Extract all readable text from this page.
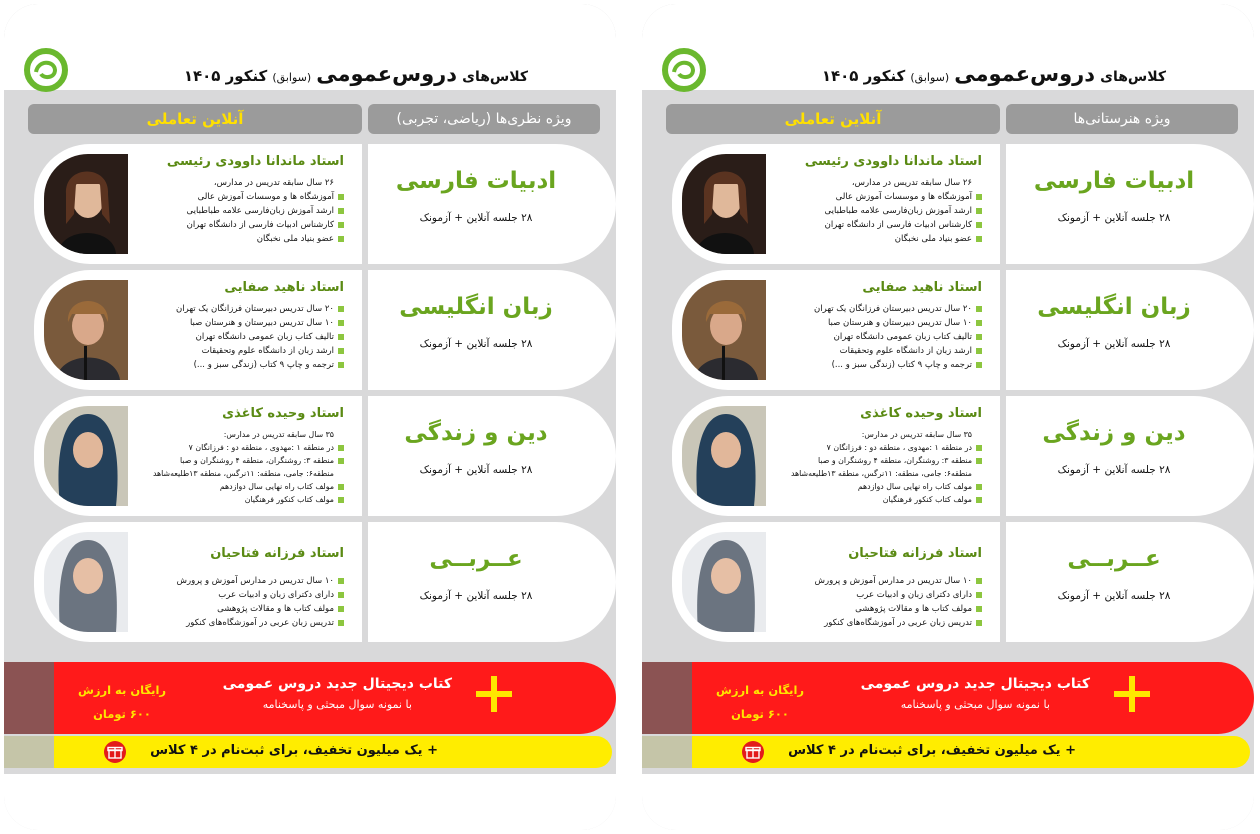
کلاس‌های دروس‌عمومی (سوابق) کنکور ۱۴۰۵
آنلاین تعاملی	ویژه نظری‌ها (ریاضی، تجربی)
استاد ماندانا داوودی رئیسی
۲۶ سال سابقه تدریس در مدارس،
آموزشگاه ها و موسسات آموزش عالی
ارشد آموزش زبان‌فارسی علامه طباطبایی
کارشناس ادبیات فارسی از دانشگاه تهران
عضو بنیاد ملی نخبگان
ادبیات فارسی
۲۸ جلسه آنلاین + آزمونک
استاد ناهید صفایی
۲۰ سال تدریس دبیرستان فرزانگان یک تهران
۱۰ سال تدریس دبیرستان و هنرستان صبا
تالیف کتاب زبان عمومی دانشگاه تهران
ارشد زبان از دانشگاه علوم وتحقیقات
ترجمه و چاپ ۹ کتاب (زندگی سبز و ...)
زبان انگلیسی
۲۸ جلسه آنلاین + آزمونک
استاد وحیده کاغذی
۳۵ سال سابقه تدریس در مدارس:
در منطقه ۱ :مهدوی ، منطقه دو : فرزانگان ۷
منطقه ۳: روشنگران، منطقه ۴ روشنگران و صبا
منطقه۶: جامی، منطقه: ۱۱نرگس، منطقه ۱۳طلیعه‌شاهد
مولف کتاب راه نهایی سال دوازدهم
مولف کتاب کنکور فرهنگیان
دین و زندگی
۲۸ جلسه آنلاین + آزمونک
استاد فرزانه فتاحیان
۱۰ سال تدریس در مدارس آموزش و پرورش
دارای دکترای زبان و ادبیات عرب
مولف کتاب ها و مقالات پژوهشی
تدریس زبان عربی در آموزشگاه‌های کنکور
عــربــی
۲۸ جلسه آنلاین + آزمونک
رایگان به ارزش
۶۰۰ تومان
کتاب دیجیتال جدید دروس عمومی
با نمونه سوال مبحثی و پاسخنامه
+ یک میلیون تخفیف، برای ثبت‌نام در ۴ کلاس
کلاس‌های دروس‌عمومی (سوابق) کنکور ۱۴۰۵
آنلاین تعاملی	ویژه هنرستانی‌ها
استاد ماندانا داوودی رئیسی
۲۶ سال سابقه تدریس در مدارس،
آموزشگاه ها و موسسات آموزش عالی
ارشد آموزش زبان‌فارسی علامه طباطبایی
کارشناس ادبیات فارسی از دانشگاه تهران
عضو بنیاد ملی نخبگان
ادبیات فارسی
۲۸ جلسه آنلاین + آزمونک
استاد ناهید صفایی
۲۰ سال تدریس دبیرستان فرزانگان یک تهران
۱۰ سال تدریس دبیرستان و هنرستان صبا
تالیف کتاب زبان عمومی دانشگاه تهران
ارشد زبان از دانشگاه علوم وتحقیقات
ترجمه و چاپ ۹ کتاب (زندگی سبز و ...)
زبان انگلیسی
۲۸ جلسه آنلاین + آزمونک
استاد وحیده کاغذی
۳۵ سال سابقه تدریس در مدارس:
در منطقه ۱ :مهدوی ، منطقه دو : فرزانگان ۷
منطقه ۳: روشنگران، منطقه ۴ روشنگران و صبا
منطقه۶: جامی، منطقه: ۱۱نرگس، منطقه ۱۳طلیعه‌شاهد
مولف کتاب راه نهایی سال دوازدهم
مولف کتاب کنکور فرهنگیان
دین و زندگی
۲۸ جلسه آنلاین + آزمونک
استاد فرزانه فتاحیان
۱۰ سال تدریس در مدارس آموزش و پرورش
دارای دکترای زبان و ادبیات عرب
مولف کتاب ها و مقالات پژوهشی
تدریس زبان عربی در آموزشگاه‌های کنکور
عــربــی
۲۸ جلسه آنلاین + آزمونک
رایگان به ارزش
۶۰۰ تومان
کتاب دیجیتال جدید دروس عمومی
با نمونه سوال مبحثی و پاسخنامه
+ یک میلیون تخفیف، برای ثبت‌نام در ۴ کلاس
